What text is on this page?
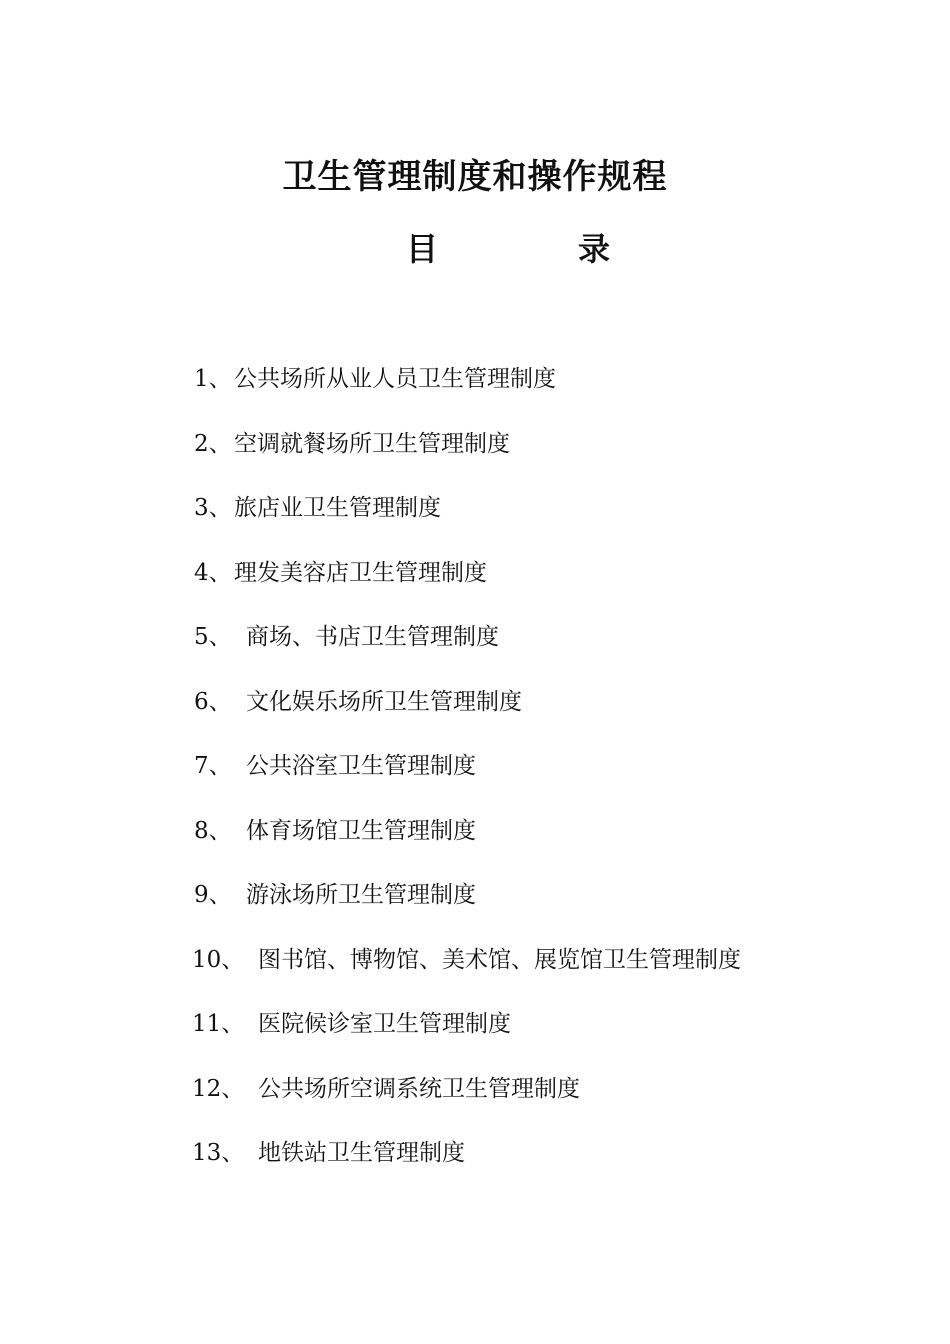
卫生管理制度和操作规程
目	录
1、 公共场所从业人员卫生管理制度
2、 空调就餐场所卫生管理制度
3、 旅店业卫生管理制度
4、 理发美容店卫生管理制度
5、 商场、书店卫生管理制度
6、 文化娱乐场所卫生管理制度
7、 公共浴室卫生管理制度
8、 体育场馆卫生管理制度
9、 游泳场所卫生管理制度
10、 图书馆、博物馆、美术馆、展览馆卫生管理制度
11、 医院候诊室卫生管理制度
12、 公共场所空调系统卫生管理制度
13、 地铁站卫生管理制度
